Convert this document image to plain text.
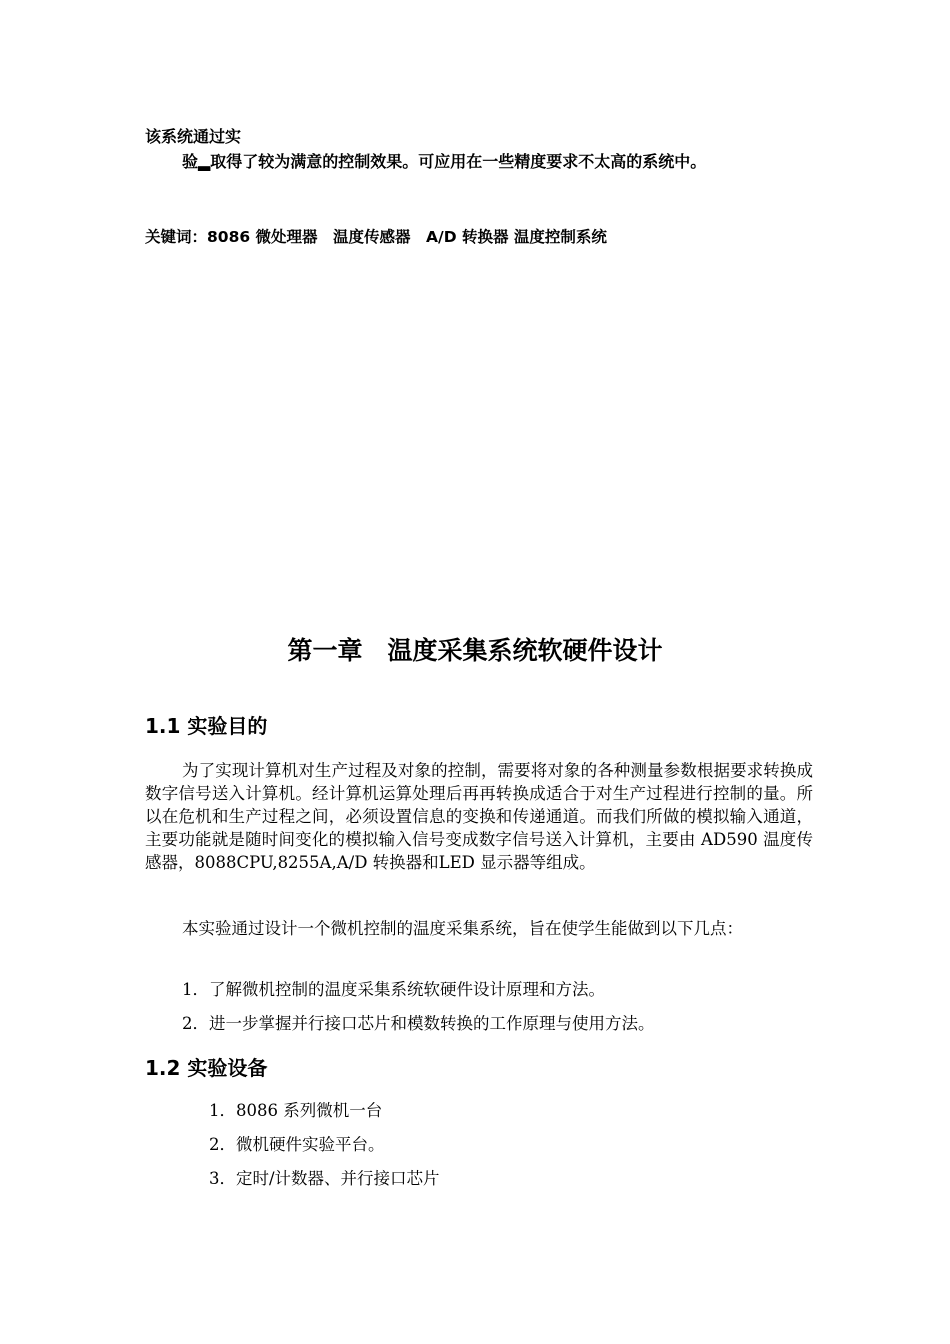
该系统通过实
验▂取得了较为满意的控制效果。可应用在一些精度要求不太高的系统中。
关键词：8086 微处理器　温度传感器　A/D 转换器 温度控制系统
第一章　温度采集系统软硬件设计
1.1 实验目的
为了实现计算机对生产过程及对象的控制，需要将对象的各种测量参数根据要求转换成数字信号送入计算机。经计算机运算处理后再再转换成适合于对生产过程进行控制的量。所以在危机和生产过程之间，必须设置信息的变换和传递通道。而我们所做的模拟输入通道，主要功能就是随时间变化的模拟输入信号变成数字信号送入计算机，主要由 AD590 温度传感器，8088CPU,8255A,A/D 转换器和LED 显示器等组成。
本实验通过设计一个微机控制的温度采集系统，旨在使学生能做到以下几点：
1．了解微机控制的温度采集系统软硬件设计原理和方法。
2．进一步掌握并行接口芯片和模数转换的工作原理与使用方法。
1.2 实验设备
1．8086 系列微机一台
2．微机硬件实验平台。
3．定时/计数器、并行接口芯片
